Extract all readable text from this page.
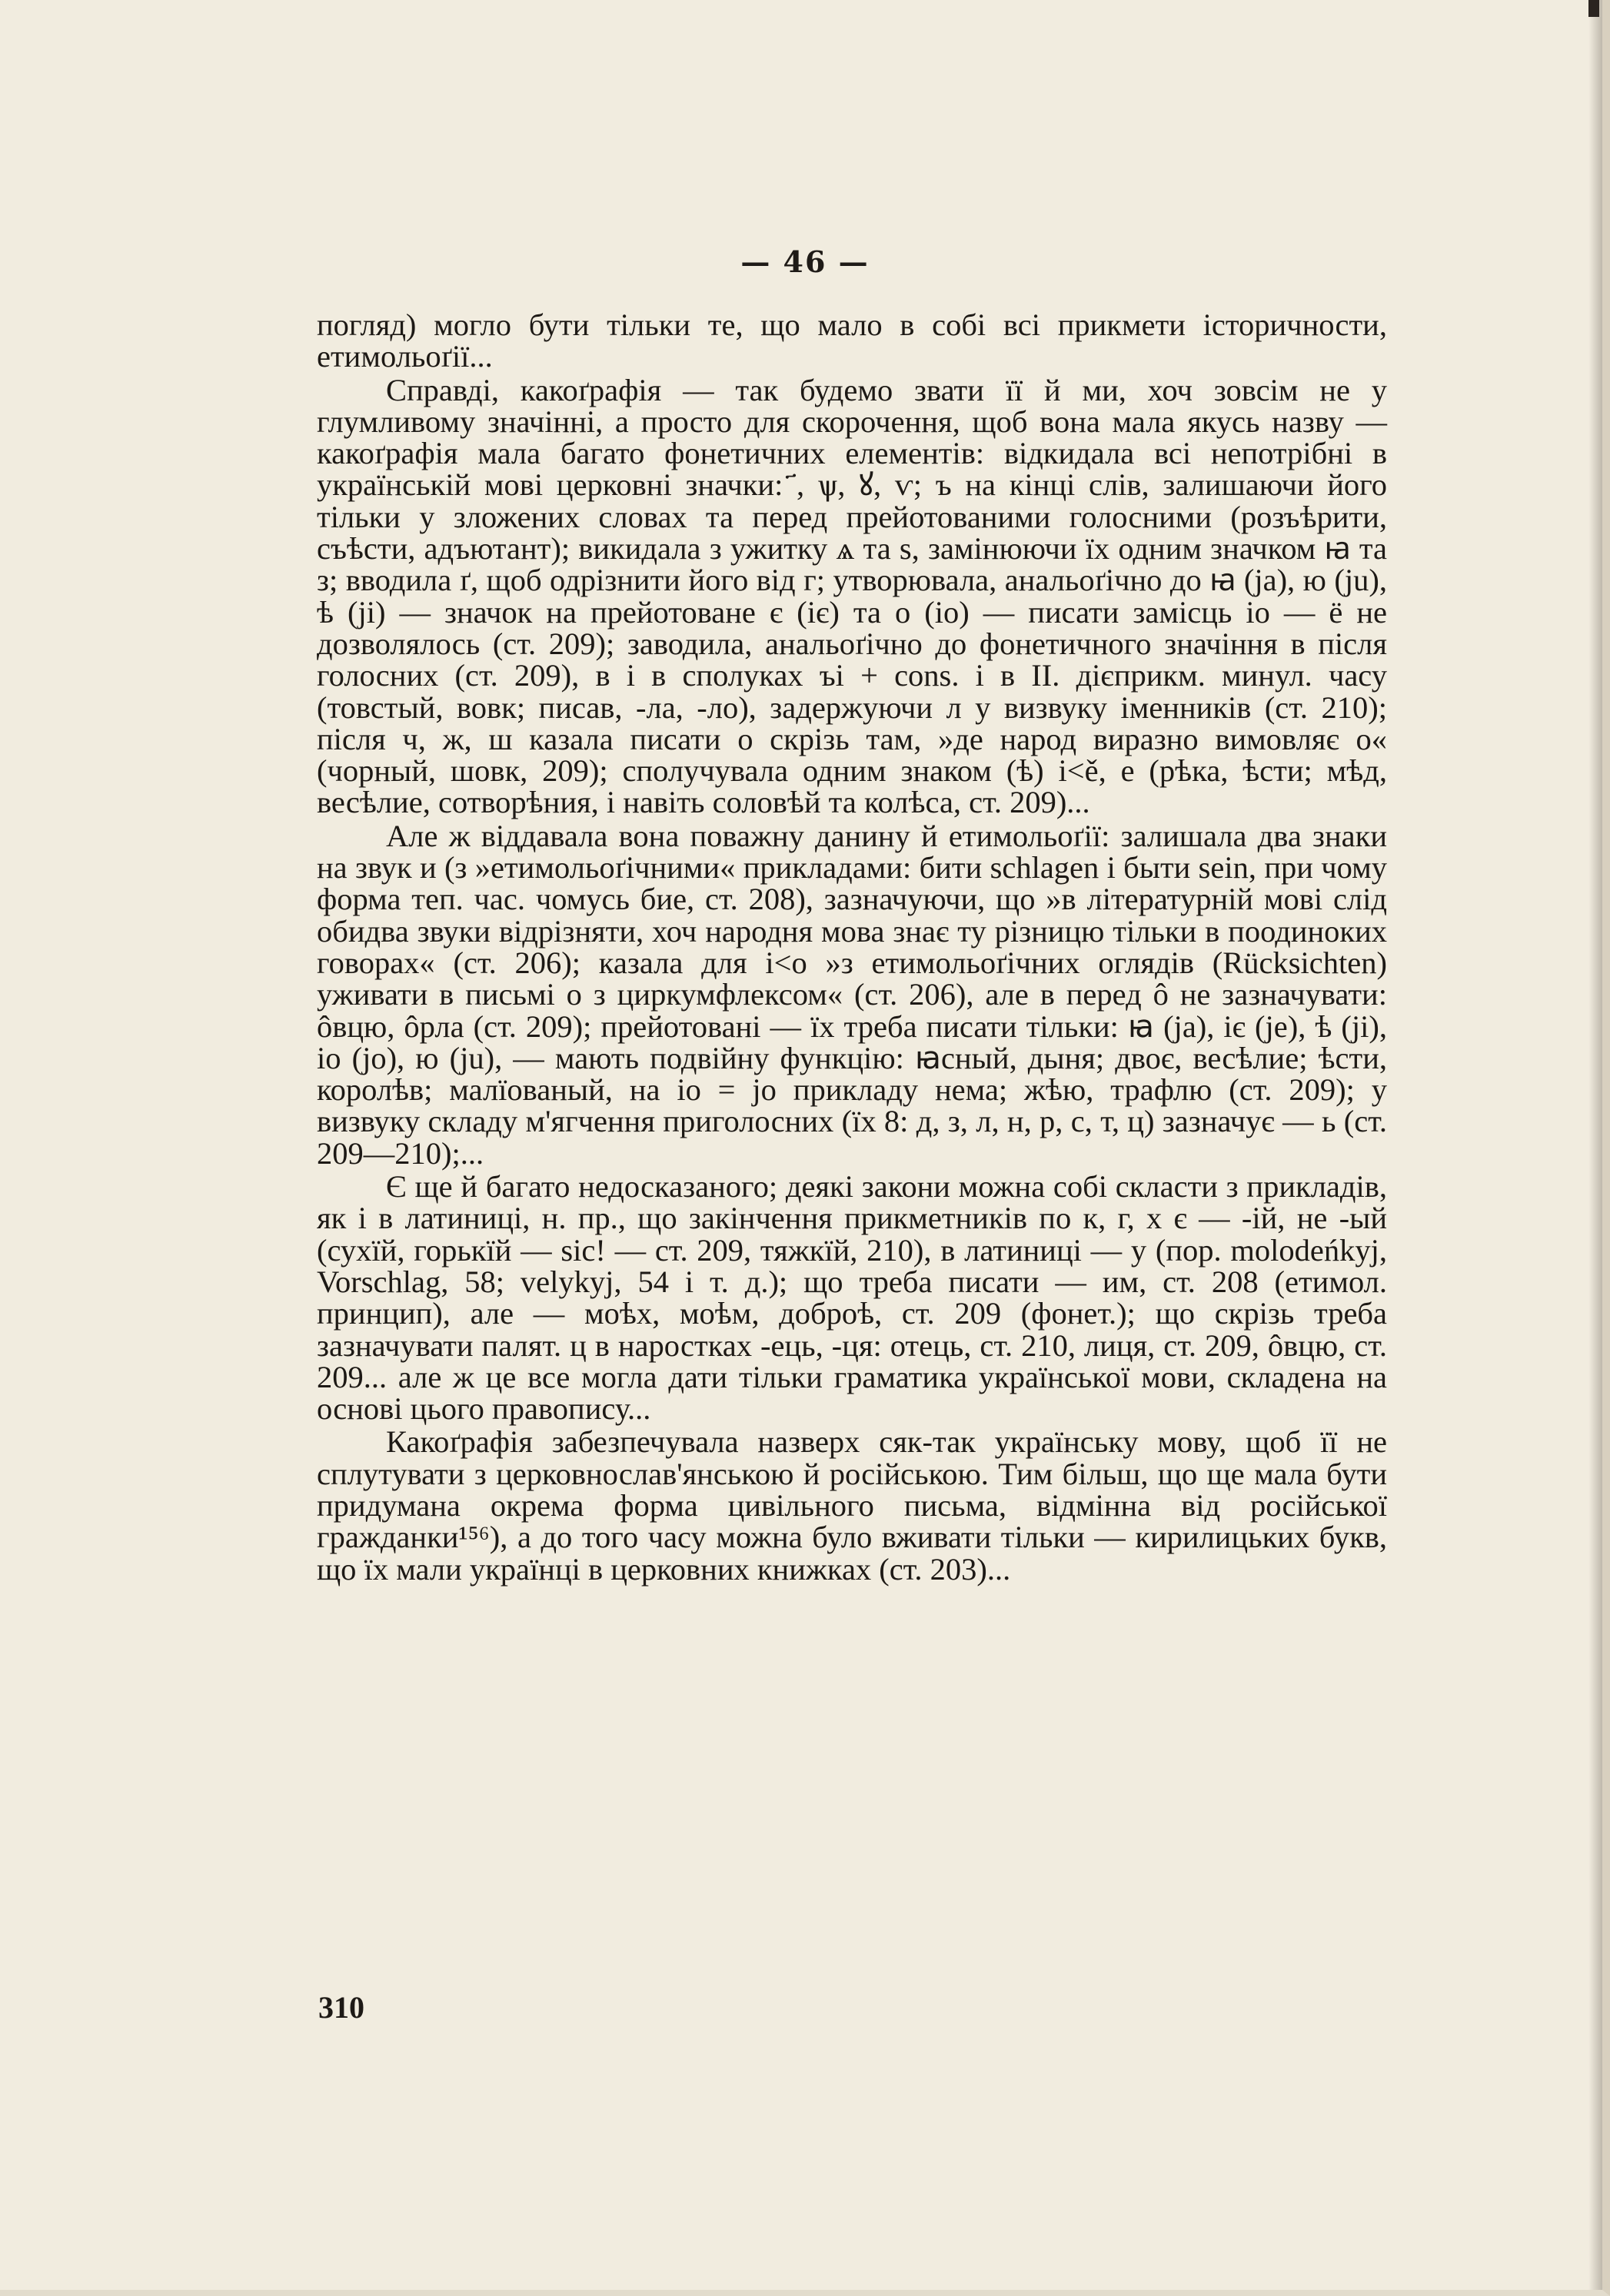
— 46 —

погляд) могло бути тільки те, що мало в собі всі прикмети історичности, етимольоґії...

Справді, какоґрафія — так будемо звати її й ми, хоч зовсім не у глумливому значінні, а просто для скорочення, щоб вона мала якусь назву — какоґрафія мала багато фонетичних елементів: відкидала всі непотрібні в українській мові церковні значки: ҃, ѱ, ꙋ, ѵ; ъ на кінці слів, залишаючи його тільки у зложених словах та перед прейотованими голосними (розъѣрити, съѣсти, адъютант); викидала з ужитку ѧ та ѕ, замінюючи їх одним значком ꙗ та з; вводила ґ, щоб одрізнити його від г; утворювала, анальоґічно до ꙗ (ja), ю (ju), ѣ (ji) — значок на прейотоване є (іє) та о (іо) — писати замісць іо — ё не дозволялось (ст. 209); заводила, анальоґічно до фонетичного значіння в після голосних (ст. 209), в і в сполуках ъі + cons. і в II. дієприкм. минул. часу (товстый, вовк; писав, -ла, -ло), задержуючи л у визвуку іменників (ст. 210); після ч, ж, ш казала писати о скрізь там, »де народ виразно вимовляє о« (чорный, шовк, 209); сполучувала одним знаком (ѣ) і<ě, е (рѣка, ѣсти; мѣд, весѣлие, сотворѣния, і навіть соловѣй та колѣса, ст. 209)...

Але ж віддавала вона поважну данину й етимольоґії: залишала два знаки на звук и (з »етимольоґічними« прикладами: бити schlagen і быти sein, при чому форма теп. час. чомусь бие, ст. 208), зазначуючи, що »в літературній мові слід обидва звуки відрізняти, хоч народня мова знає ту різницю тільки в поодиноких говорах« (ст. 206); казала для і<о »з етимольоґічних оглядів (Rücksichten) уживати в письмі о з циркумфлексом« (ст. 206), але в перед ô не зазначувати: ôвцю, ôрла (ст. 209); прейотовані — їх треба писати тільки: ꙗ (ja), іє (je), ѣ (ji), іо (jo), ю (ju), — мають подвійну функцію: ꙗсный, дыня; двоє, весѣлие; ѣсти, королѣв; малїованый, на іо = jo прикладу нема; жѣю, трафлю (ст. 209); у визвуку складу м'ягчення приголосних (їх 8: д, з, л, н, р, с, т, ц) зазначує — ь (ст. 209—210);...

Є ще й багато недосказаного; деякі закони можна собі скласти з прикладів, як і в латиниці, н. пр., що закінчення прикметників по к, г, х є — -ій, не -ый (сухїй, горькїй — sic! — ст. 209, тяжкїй, 210), в латиниці — у (пор. molodeńkyj, Vorschlag, 58; velykyj, 54 і т. д.); що треба писати — им, ст. 208 (етимол. принцип), але — моѣх, моѣм, доброѣ, ст. 209 (фонет.); що скрізь треба зазначувати палят. ц в наростках -ець, -ця: отець, ст. 210, лиця, ст. 209, ôвцю, ст. 209... але ж це все могла дати тільки граматика української мови, складена на основі цього правопису...

Какоґрафія забезпечувала назверх сяк-так українську мову, щоб її не сплутувати з церковнослав'янською й російською. Тим більш, що ще мала бути придумана окрема форма цивільного письма, відмінна від російської гражданки¹⁵⁶), а до того часу можна було вживати тільки — кирилицьких букв, що їх мали українці в церковних книжках (ст. 203)...

310
